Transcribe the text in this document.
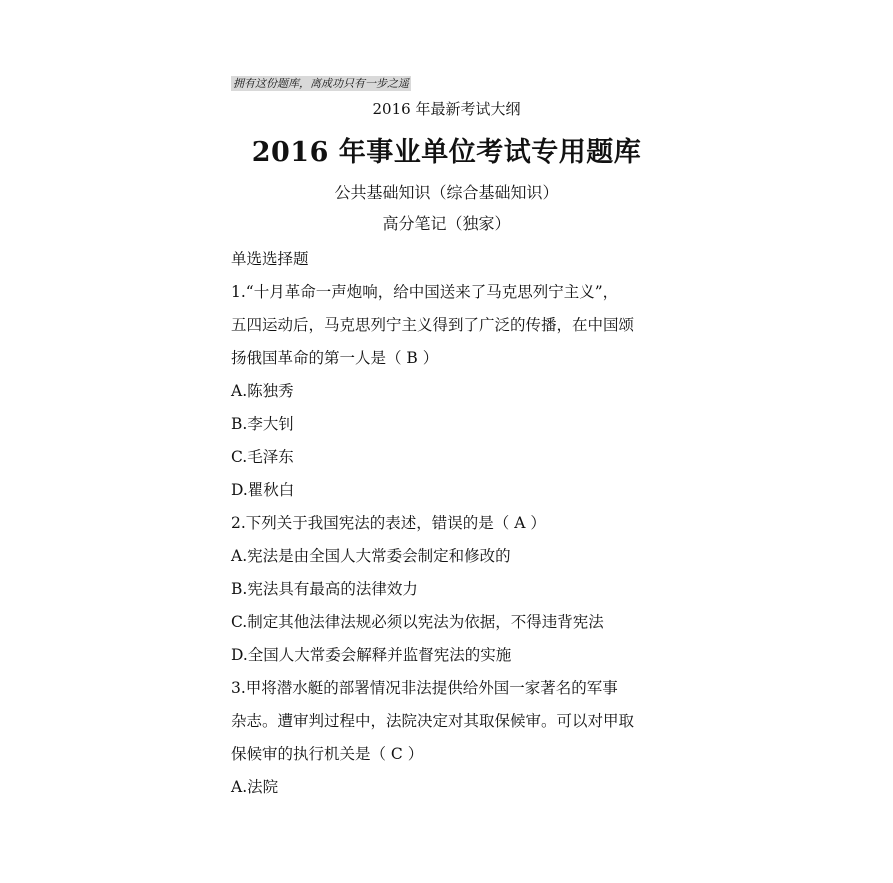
拥有这份题库，离成功只有一步之遥
2016 年最新考试大纲
2016 年事业单位考试专用题库
公共基础知识（综合基础知识）
高分笔记（独家）
单选选择题
1.“十月革命一声炮响，给中国送来了马克思列宁主义”，
五四运动后，马克思列宁主义得到了广泛的传播，在中国颂
扬俄国革命的第一人是（ B ）
A.陈独秀
B.李大钊
C.毛泽东
D.瞿秋白
2.下列关于我国宪法的表述，错误的是（ A ）
A.宪法是由全国人大常委会制定和修改的
B.宪法具有最高的法律效力
C.制定其他法律法规必须以宪法为依据，不得违背宪法
D.全国人大常委会解释并监督宪法的实施
3.甲将潜水艇的部署情况非法提供给外国一家著名的军事
杂志。遭审判过程中，法院决定对其取保候审。可以对甲取
保候审的执行机关是（ C ）
A.法院
